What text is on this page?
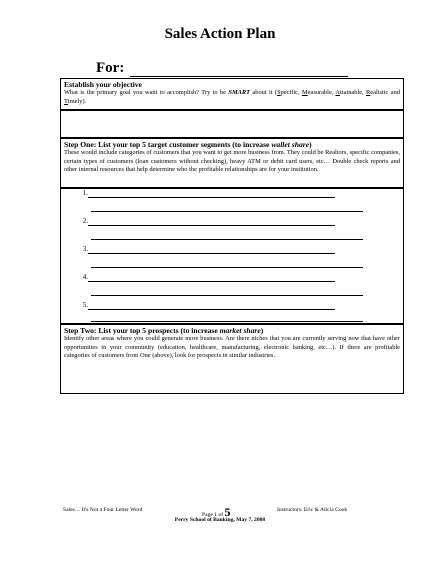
Sales Action Plan
For:
Establish your objective

What is the primary goal you want to accomplish? Try to be SMART about it (Specific, Measurable, Attainable, Realistic and Timely).

Step One: List your top 5 target customer segments (to increase wallet share)

These would include categories of customers that you want to get more business from. They could be Realtors, specific companies, certain types of customers (loan customers without checking), heavy ATM or debit card users, etc… Double check reports and other internal resources that help determine who the profitable relationships are for your institution.

1.
2.
3.
4.
5.
Step Two: List your top 5 prospects (to increase market share)

Identify other areas where you could generate more business. Are there niches that you are currently serving now that have other opportunities in your community (education, healthcare, manufacturing, electronic banking, etc…). If there are profitable categories of customers from One (above), look for prospects in similar industries.

Sales… It's Not a Four Letter Word
Page 1 of 5	Instructors: Eric & Alicia Cook
Perry School of Banking, May 7, 2008
